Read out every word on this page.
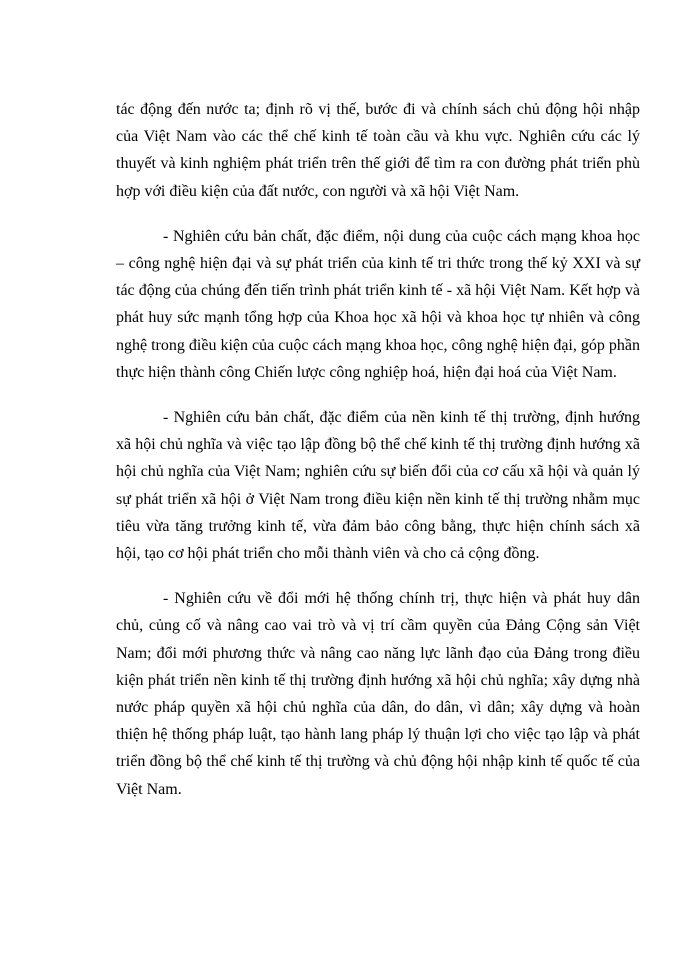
tác động đến nước ta; định rõ vị thế, bước đi và chính sách chủ động hội nhập của Việt Nam vào các thể chế kinh tế toàn cầu và khu vực. Nghiên cứu các lý thuyết và kinh nghiệm phát triển trên thế giới để tìm ra con đường phát triển phù hợp với điều kiện của đất nước, con người và xã hội Việt Nam.

- Nghiên cứu bản chất, đặc điểm, nội dung của cuộc cách mạng khoa học – công nghệ hiện đại và sự phát triển của kinh tế tri thức trong thế kỷ XXI và sự tác động của chúng đến tiến trình phát triển kinh tế - xã hội Việt Nam. Kết hợp và phát huy sức mạnh tổng hợp của Khoa học xã hội và khoa học tự nhiên và công nghệ trong điều kiện của cuộc cách mạng khoa học, công nghệ hiện đại, góp phần thực hiện thành công Chiến lược công nghiệp hoá, hiện đại hoá của Việt Nam.

- Nghiên cứu bản chất, đặc điểm của nền kinh tế thị trường, định hướng xã hội chủ nghĩa và việc tạo lập đồng bộ thể chế kinh tế thị trường định hướng xã hội chủ nghĩa của Việt Nam; nghiên cứu sự biến đổi của cơ cấu xã hội và quản lý sự phát triển xã hội ở Việt Nam trong điều kiện nền kinh tế thị trường nhằm mục tiêu vừa tăng trưởng kinh tế, vừa đảm bảo công bằng, thực hiện chính sách xã hội, tạo cơ hội phát triển cho mỗi thành viên và cho cả cộng đồng.

- Nghiên cứu về đổi mới hệ thống chính trị, thực hiện và phát huy dân chủ, củng cố và nâng cao vai trò và vị trí cầm quyền của Đảng Cộng sản Việt Nam; đổi mới phương thức và nâng cao năng lực lãnh đạo của Đảng trong điều kiện phát triển nền kinh tế thị trường định hướng xã hội chủ nghĩa; xây dựng nhà nước pháp quyền xã hội chủ nghĩa của dân, do dân, vì dân; xây dựng và hoàn thiện hệ thống pháp luật, tạo hành lang pháp lý thuận lợi cho việc tạo lập và phát triển đồng bộ thể chế kinh tế thị trường và chủ động hội nhập kinh tế quốc tế của Việt Nam.
